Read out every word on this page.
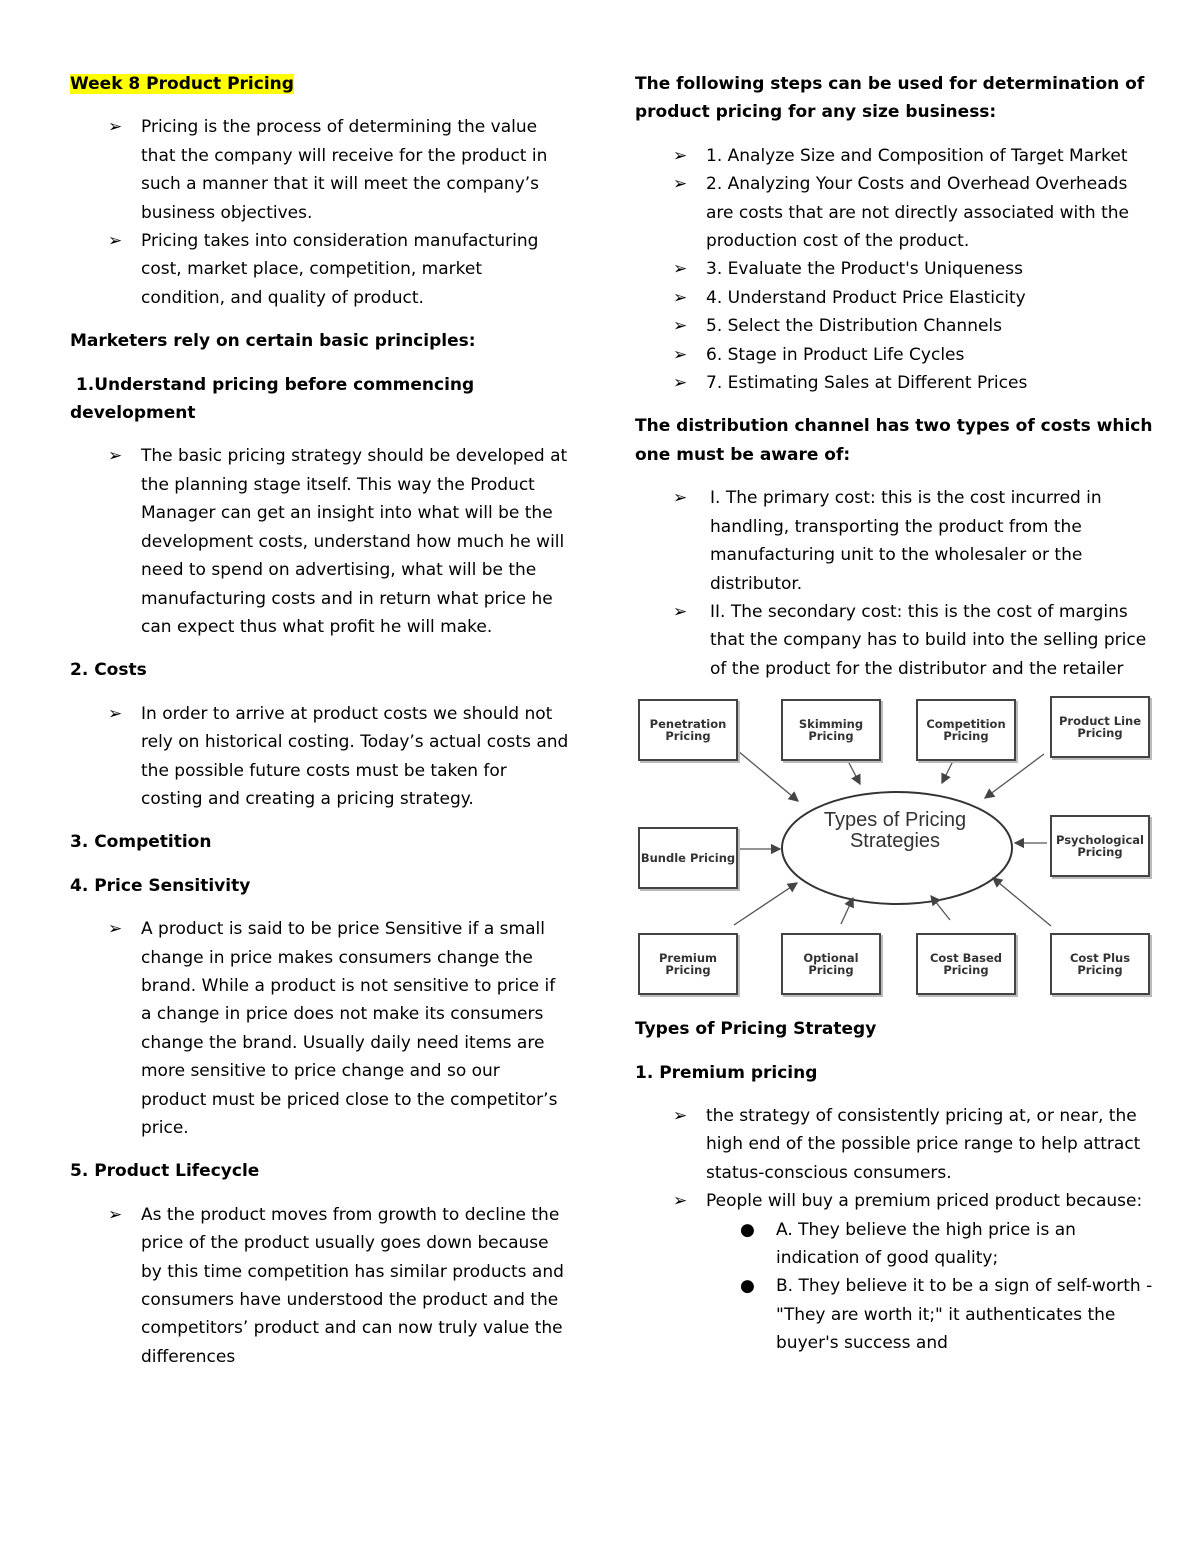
Week 8 Product Pricing

➢ Pricing is the process of determining the value that the company will receive for the product in such a manner that it will meet the company’s business objectives.
➢ Pricing takes into consideration manufacturing cost, market place, competition, market condition, and quality of product.

Marketers rely on certain basic principles:

1.Understand pricing before commencing development

➢ The basic pricing strategy should be developed at the planning stage itself. This way the Product Manager can get an insight into what will be the development costs, understand how much he will need to spend on advertising, what will be the manufacturing costs and in return what price he can expect thus what profit he will make.

2. Costs

➢ In order to arrive at product costs we should not rely on historical costing. Today’s actual costs and the possible future costs must be taken for costing and creating a pricing strategy.

3. Competition

4. Price Sensitivity

➢ A product is said to be price Sensitive if a small change in price makes consumers change the brand. While a product is not sensitive to price if a change in price does not make its consumers change the brand. Usually daily need items are more sensitive to price change and so our product must be priced close to the competitor’s price.

5. Product Lifecycle

➢ As the product moves from growth to decline the price of the product usually goes down because by this time competition has similar products and consumers have understood the product and the competitors’ product and can now truly value the differences

The following steps can be used for determination of product pricing for any size business:

➢ 1. Analyze Size and Composition of Target Market
➢ 2. Analyzing Your Costs and Overhead Overheads are costs that are not directly associated with the production cost of the product.
➢ 3. Evaluate the Product's Uniqueness
➢ 4. Understand Product Price Elasticity
➢ 5. Select the Distribution Channels
➢ 6. Stage in Product Life Cycles
➢ 7. Estimating Sales at Different Prices

The distribution channel has two types of costs which one must be aware of:

➢ I. The primary cost: this is the cost incurred in handling, transporting the product from the manufacturing unit to the wholesaler or the distributor.
➢ II. The secondary cost: this is the cost of margins that the company has to build into the selling price of the product for the distributor and the retailer
Types of Pricing Strategies
Penetration Pricing
Skimming Pricing
Competition Pricing
Product Line Pricing
Bundle Pricing
Psychological Pricing
Premium Pricing
Optional Pricing
Cost Based Pricing
Cost Plus Pricing

Types of Pricing Strategy

1. Premium pricing

➢ the strategy of consistently pricing at, or near, the high end of the possible price range to help attract status-conscious consumers.
➢ People will buy a premium priced product because:
● A. They believe the high price is an indication of good quality;
● B. They believe it to be a sign of self-worth - "They are worth it;" it authenticates the buyer's success and
